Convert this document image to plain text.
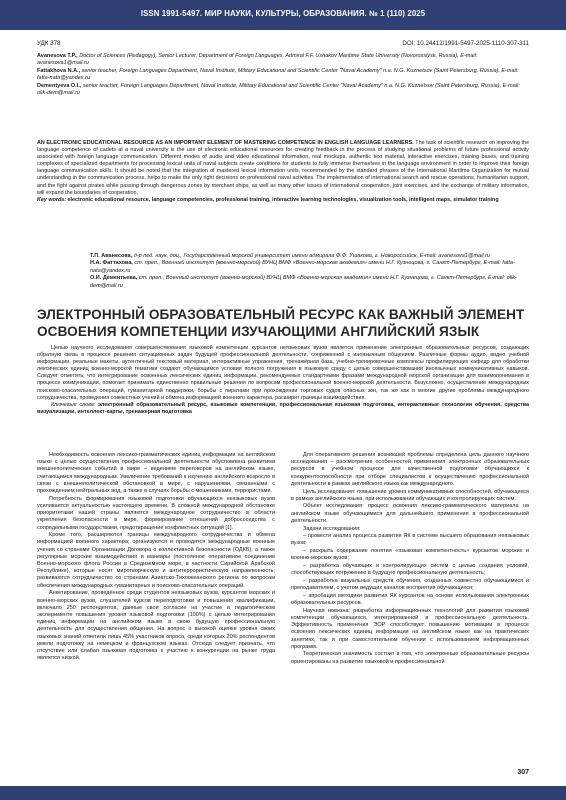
ISSN 1991-5497. МИР НАУКИ, КУЛЬТУРЫ, ОБРАЗОВАНИЯ. № 1 (110) 2025
УДК 378	DOI: 10.24412/1991-5497-2025-1110-307-311
Avanesova T.P., Doctor of Sciences (Pedagogy), Senior Lecturer, Department of Foreign Languages, Admiral F.F. Ushakov Maritime State University (Novorossiysk, Russia), E-mail: avanesova1@mail.ru
Fattakhova N.A., senior teacher, Foreign Languages Department, Naval Institute, Military Educational and Scientific Center "Naval Academy" n.a. N.G. Kuznetsov (Saint Petersburg, Russia), E-mail: fatta-nata@yandex.ru
Dementyeva O.I., senior teacher, Foreign Languages Department, Naval Institute, Military Educational and Scientific Center "Naval Academy" n.a. N.G. Kuznetsov (Saint Petersburg, Russia), E-mail: olik-dem@mail.ru

AN ELECTRONIC EDUCATIONAL RESOURCE AS AN IMPORTANT ELEMENT OF MASTERING COMPETENCE IN ENGLISH LANGUAGE LEARNERS. The task of scientific research on improving the language competence of cadets at a naval university is the use of electronic educational resources for creating feedback in the process of studying situational problems of future professional activity associated with foreign language communication. Different modes of audio and video educational information, real mockups, authentic text material, interactive exercises, training bases, and training complexes of specialized departments for processing lexical units of naval subjects create conditions for students to fully immerse themselves in the language environment in order to improve their foreign language communication skills. It should be noted that the integration of mastered lexical information units, recommended by the standard phrases of the International Maritime Organization for mutual understanding in the communication process, helps to make the only right decisions on professional naval activities. The implementation of international search and rescue operations, humanitarian support, and the fight against pirates while passing through dangerous zones by merchant ships, as well as many other issues of international cooperation, joint exercises, and the exchange of military information, will expand the boundaries of cooperation.

Key words: electronic educational resource, language competencies, professional training, interactive learning technologies, visualization tools, intelligent maps, simulator training

Т.П. Аванесова, д-р пед. наук, доц., Государственный морской университет имени адмирала Ф.Ф. Ушакова, г. Новороссийск, E-mail: avanesova1@mail.ru
Н.А. Фаттахова, ст. преп., Военный институт (военно-морской) ВУНЦ ВМФ «Военно-морская академия» имени Н.Г. Кузнецова, г. Санкт-Петербург, E-mail: fatta-nata@yandex.ru
О.И. Дементьева, ст. преп., Военный институт (военно-морской) ВУНЦ ВМФ «Военно-морская академия» имени Н.Г. Кузнецова, г. Санкт-Петербург, E-mail: olik-dem@mail.ru
ЭЛЕКТРОННЫЙ ОБРАЗОВАТЕЛЬНЫЙ РЕСУРС КАК ВАЖНЫЙ ЭЛЕМЕНТ ОСВОЕНИЯ КОМПЕТЕНЦИИ ИЗУЧАЮЩИМИ АНГЛИЙСКИЙ ЯЗЫК

Целью научного исследования совершенствования языковой компетенции курсантов неязыковых вузов является применение электронных образовательных ресурсов, создающих обратную связь в процессе решения ситуационных задач будущей профессиональной деятельности, сопряженной с иноязычным общением. Различные формы аудио, видео учебной информации, реальные макеты, аутентичный текстовый материал, интерактивные упражнения, тренажёрная база, учебно-тренировочные комплексы профилирующих кафедр для обработки лексических единиц военно-морской тематики создают обучающимся условия полного погружения в языковую среду с целью совершенствования иноязычных коммуникативных навыков. Следует отметить, что интегрирование освоенных лексических единиц информации, рекомендуемых стандартными фразами международной морской организации для взаимопонимания в процессе коммуникации, помогает принимать единственно правильные решения по вопросам профессиональной военно-морской деятельности. Безусловно, осуществление международных поисково-спасательных операций, гуманитарной поддержки, борьбы с пиратами при прохождении торговых судов опасных зон, так же как и многие другие проблемы международного сотрудничества, проведения совместных учений и обмена информацией военного характера, расширит границы взаимодействия.

Ключевые слова: электронный образовательный ресурс, языковые компетенции, профессиональная языковая подготовка, интерактивные технологии обучения, средства визуализации, интеллект-карты, тренажерная подготовка

Необходимость освоения лексико-грамматических единиц информации на английском языке с целью осуществления профессиональной деятельности обусловлена развитием внешнеполитических событий в мире – ведением переговоров на английском языке, считающимся международным. Увеличение требований к изучению английского возросло в связи с внешнеполитической обстановкой в мире, с нарушениями, связанными с прохождением нейтральных вод, а также в случаях борьбы с мошенниками, террористами.

Потребность формирования языковой подготовки обучающихся неязыковых вузов усиливается актуальностью настоящего времени. В сложной международной обстановке приоритетами нашей страны являются международное сотрудничество в области укрепления безопасности в мире, формирование отношений добрососедства с сопредельными государствами, предотвращение конфликтных ситуаций [1].

Кроме того, расширяются границы международного сотрудничества и обмена информацией военного характера; организуются и проводятся международные военные учения со странами Организации Договора о коллективной безопасности (ОДКБ), а также регулярные морские взаимодействия и маневры (постоянное оперативное соединение Военно-морского флота России в Средиземном море, в частности Сирийской Арабской Республике), которые носят миротворческую и антитеррористическую направленность; развиваются сотрудничество со странами Азиатско-Тихоокеанского региона по вопросам обеспечения международных гуманитарных и поисково-спасательных операций.

Анкетирование, проведённое среди студентов неязыковых вузов, курсантов морских и военно-морских вузов, слушателей курсов переподготовки и повышения квалификации, включало 250 респондентов, данные свои согласие на участие в педагогическом эксперименте повышения уровня языковой подготовки (100%) с целью интегрирования единиц информации на английском языке в свою будущую профессиональную деятельность для осуществления общения. На вопрос о высокой оценке уровня своих языковых знаний ответили лишь 45% участников опроса, среди которых 20% респондентов имели подготовку на немецком и французском языках. Отсюда следует признать, что отсутствие или слабая языковая подготовка к участию к конкуренции на рынке труда является низкой.

Для оперативного решения возникшей проблемы определена цель данного научного исследования – рассмотрение особенностей применения электронных образовательных ресурсов в учебном процессе для качественной подготовки обучающихся к конкурентоспособности при отборе специалистов к осуществлению профессиональной деятельности в рамках английского языка как международного.

Цель исследования: повышение уровня коммуникативных способностей, обучающихся в рамках английского языка, при использовании обучающих и контролирующих систем.

Объект исследования: процесс освоения лексико-грамматического материала на английском языке обучающимися для дальнейшего применения в профессиональной деятельности.

Задачи исследования:

– провести анализ процесса развития ЯК в системе высшего образования неязыковых вузов;

– раскрыть содержание понятия «языковая компетентность» курсантов морских и военно-морских вузов;

– разработка обучающих и контролирующих систем с целью создания условий, способствующих погружению в будущую профессиональную деятельность;

– разработка визуальных средств обучения, созданных совместно обучающимися и преподавателем, с учетом ведущих каналов восприятия обучающихся;

– апробация методики развития ЯК курсантов на основе использования электронных образовательных ресурсов.

Научная новизна: разработка информационных технологий для развития языковой компетенции обучающихся, интегрированной в профессиональную деятельность. Эффективность применения ЭОР способствует повышению мотивации в процессе освоения лексических единиц информации на английском языке как на практических занятиях, так и при самостоятельном обучении с использованием информационных программ.

Теоретическая значимость состоит в том, что электронные образовательные ресурсы ориентированы на развитие языковой и профессиональной

307
